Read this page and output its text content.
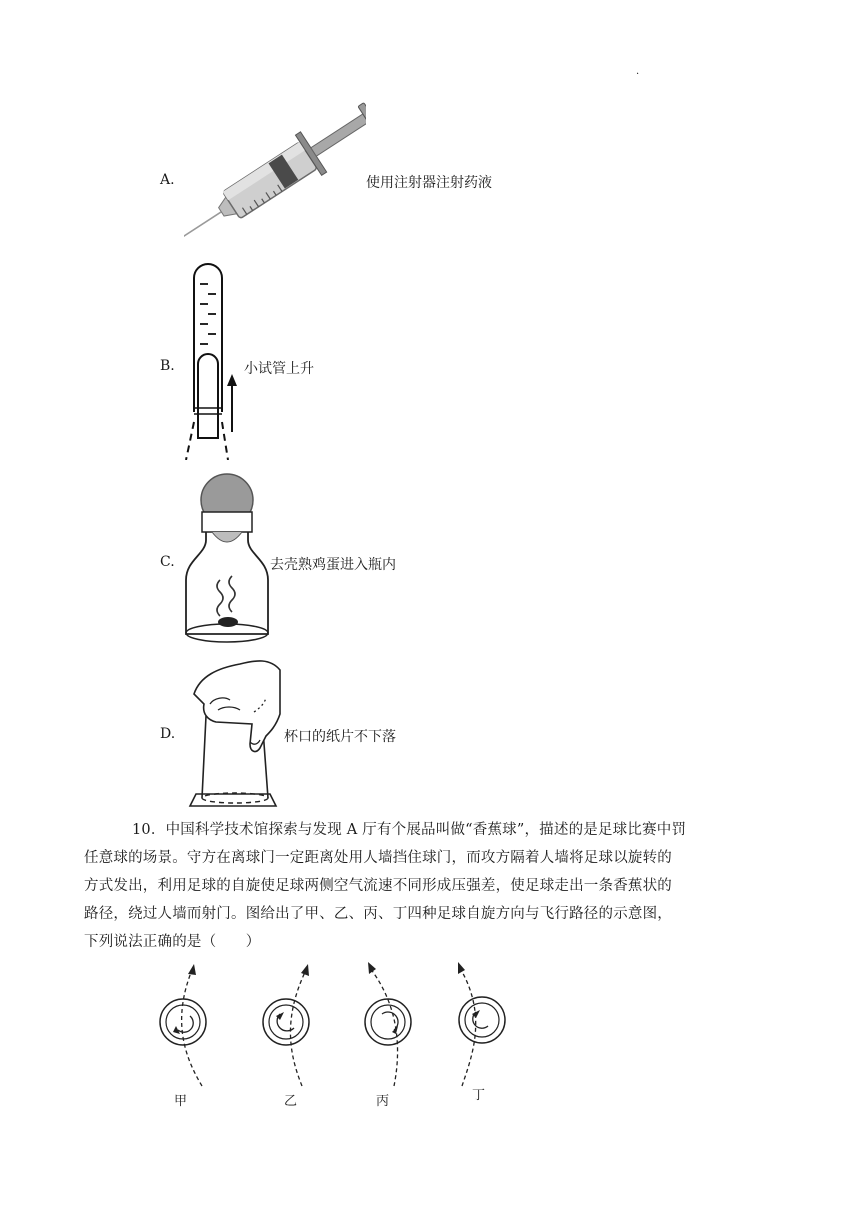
.
A.	使用注射器注射药液
B.	小试管上升
C.	去壳熟鸡蛋进入瓶内
D.	杯口的纸片不下落

10．中国科学技术馆探索与发现 A 厅有个展品叫做“香蕉球”，描述的是足球比赛中罚

任意球的场景。守方在离球门一定距离处用人墙挡住球门，而攻方隔着人墙将足球以旋转的

方式发出，利用足球的自旋使足球两侧空气流速不同形成压强差，使足球走出一条香蕉状的

路径，绕过人墙而射门。图给出了甲、乙、丙、丁四种足球自旋方向与飞行路径的示意图，

下列说法正确的是（　　）

甲	乙	丙	丁
